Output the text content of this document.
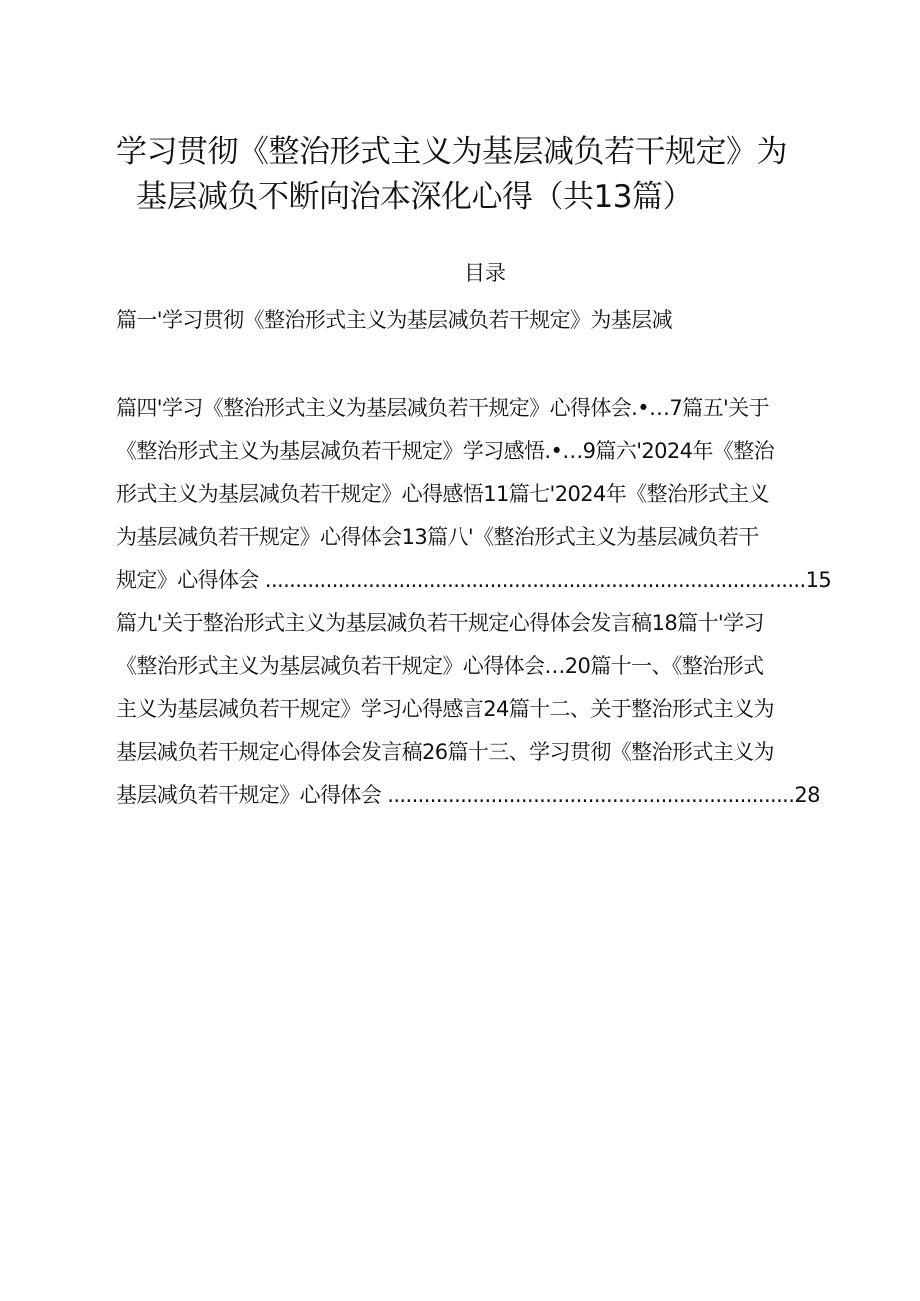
学习贯彻《整治形式主义为基层减负若干规定》为
基层减负不断向治本深化心得（共13篇）
目录

篇一'学习贯彻《整治形式主义为基层减负若干规定》为基层减

篇四'学习《整治形式主义为基层减负若干规定》心得体会.•…7篇五'关于

《整治形式主义为基层减负若干规定》学习感悟.•…9篇六'2024年《整治

形式主义为基层减负若干规定》心得感悟11篇七'2024年《整治形式主义

为基层减负若干规定》心得体会13篇八'《整治形式主义为基层减负若干

规定》心得体会 .........................................................................................15

篇九'关于整治形式主义为基层减负若干规定心得体会发言稿18篇十'学习

《整治形式主义为基层减负若干规定》心得体会…20篇十一、《整治形式

主义为基层减负若干规定》学习心得感言24篇十二、关于整治形式主义为

基层减负若干规定心得体会发言稿26篇十三、学习贯彻《整治形式主义为

基层减负若干规定》心得体会 ...................................................................28
